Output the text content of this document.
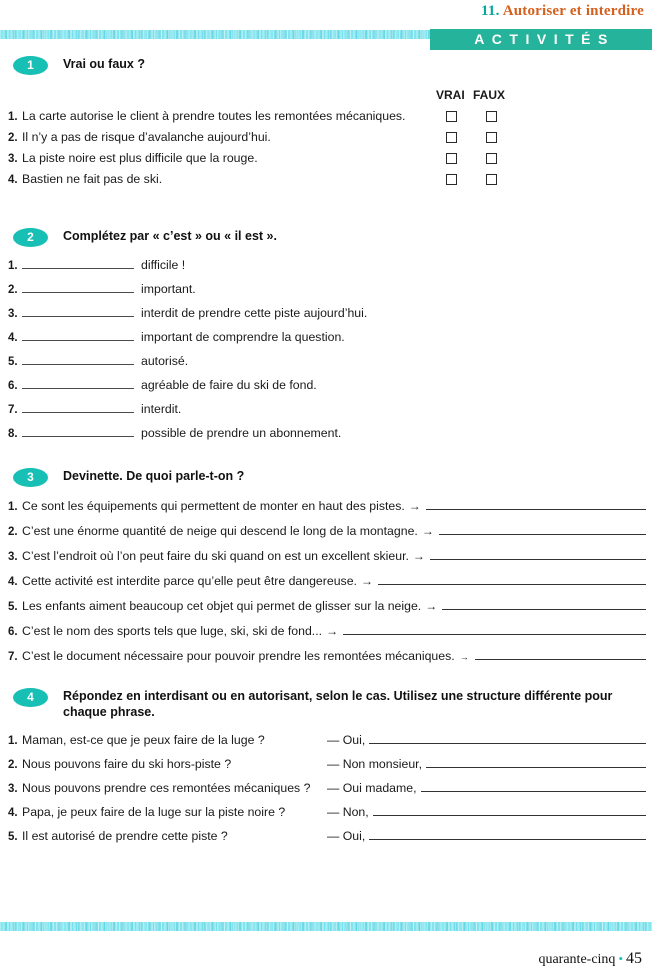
11. Autoriser et interdire
ACTIVITÉS
1	Vrai ou faux ?
VRAI FAUX
1. La carte autorise le client à prendre toutes les remontées mécaniques.
2. Il n’y a pas de risque d’avalanche aujourd’hui.
3. La piste noire est plus difficile que la rouge.
4. Bastien ne fait pas de ski.
2	Complétez par « c’est » ou « il est ».
1.	difficile !
2.	important.
3.	interdit de prendre cette piste aujourd’hui.
4.	important de comprendre la question.
5.	autorisé.
6.	agréable de faire du ski de fond.
7.	interdit.
8.	possible de prendre un abonnement.
3	Devinette. De quoi parle-t-on ?
1. Ce sont les équipements qui permettent de monter en haut des pistes. →
2. C’est une énorme quantité de neige qui descend le long de la montagne. →
3. C’est l’endroit où l’on peut faire du ski quand on est un excellent skieur. →
4. Cette activité est interdite parce qu’elle peut être dangereuse. →
5. Les enfants aiment beaucoup cet objet qui permet de glisser sur la neige. →
6. C’est le nom des sports tels que luge, ski, ski de fond... →
7. C’est le document nécessaire pour pouvoir prendre les remontées mécaniques. →
4	Répondez en interdisant ou en autorisant, selon le cas. Utilisez une structure différente pour chaque phrase.
1. Maman, est-ce que je peux faire de la luge ?	— Oui,
2. Nous pouvons faire du ski hors-piste ?	— Non monsieur,
3. Nous pouvons prendre ces remontées mécaniques ?	— Oui madame,
4. Papa, je peux faire de la luge sur la piste noire ?	— Non,
5. Il est autorisé de prendre cette piste ?	— Oui,
quarante-cinq • 45
